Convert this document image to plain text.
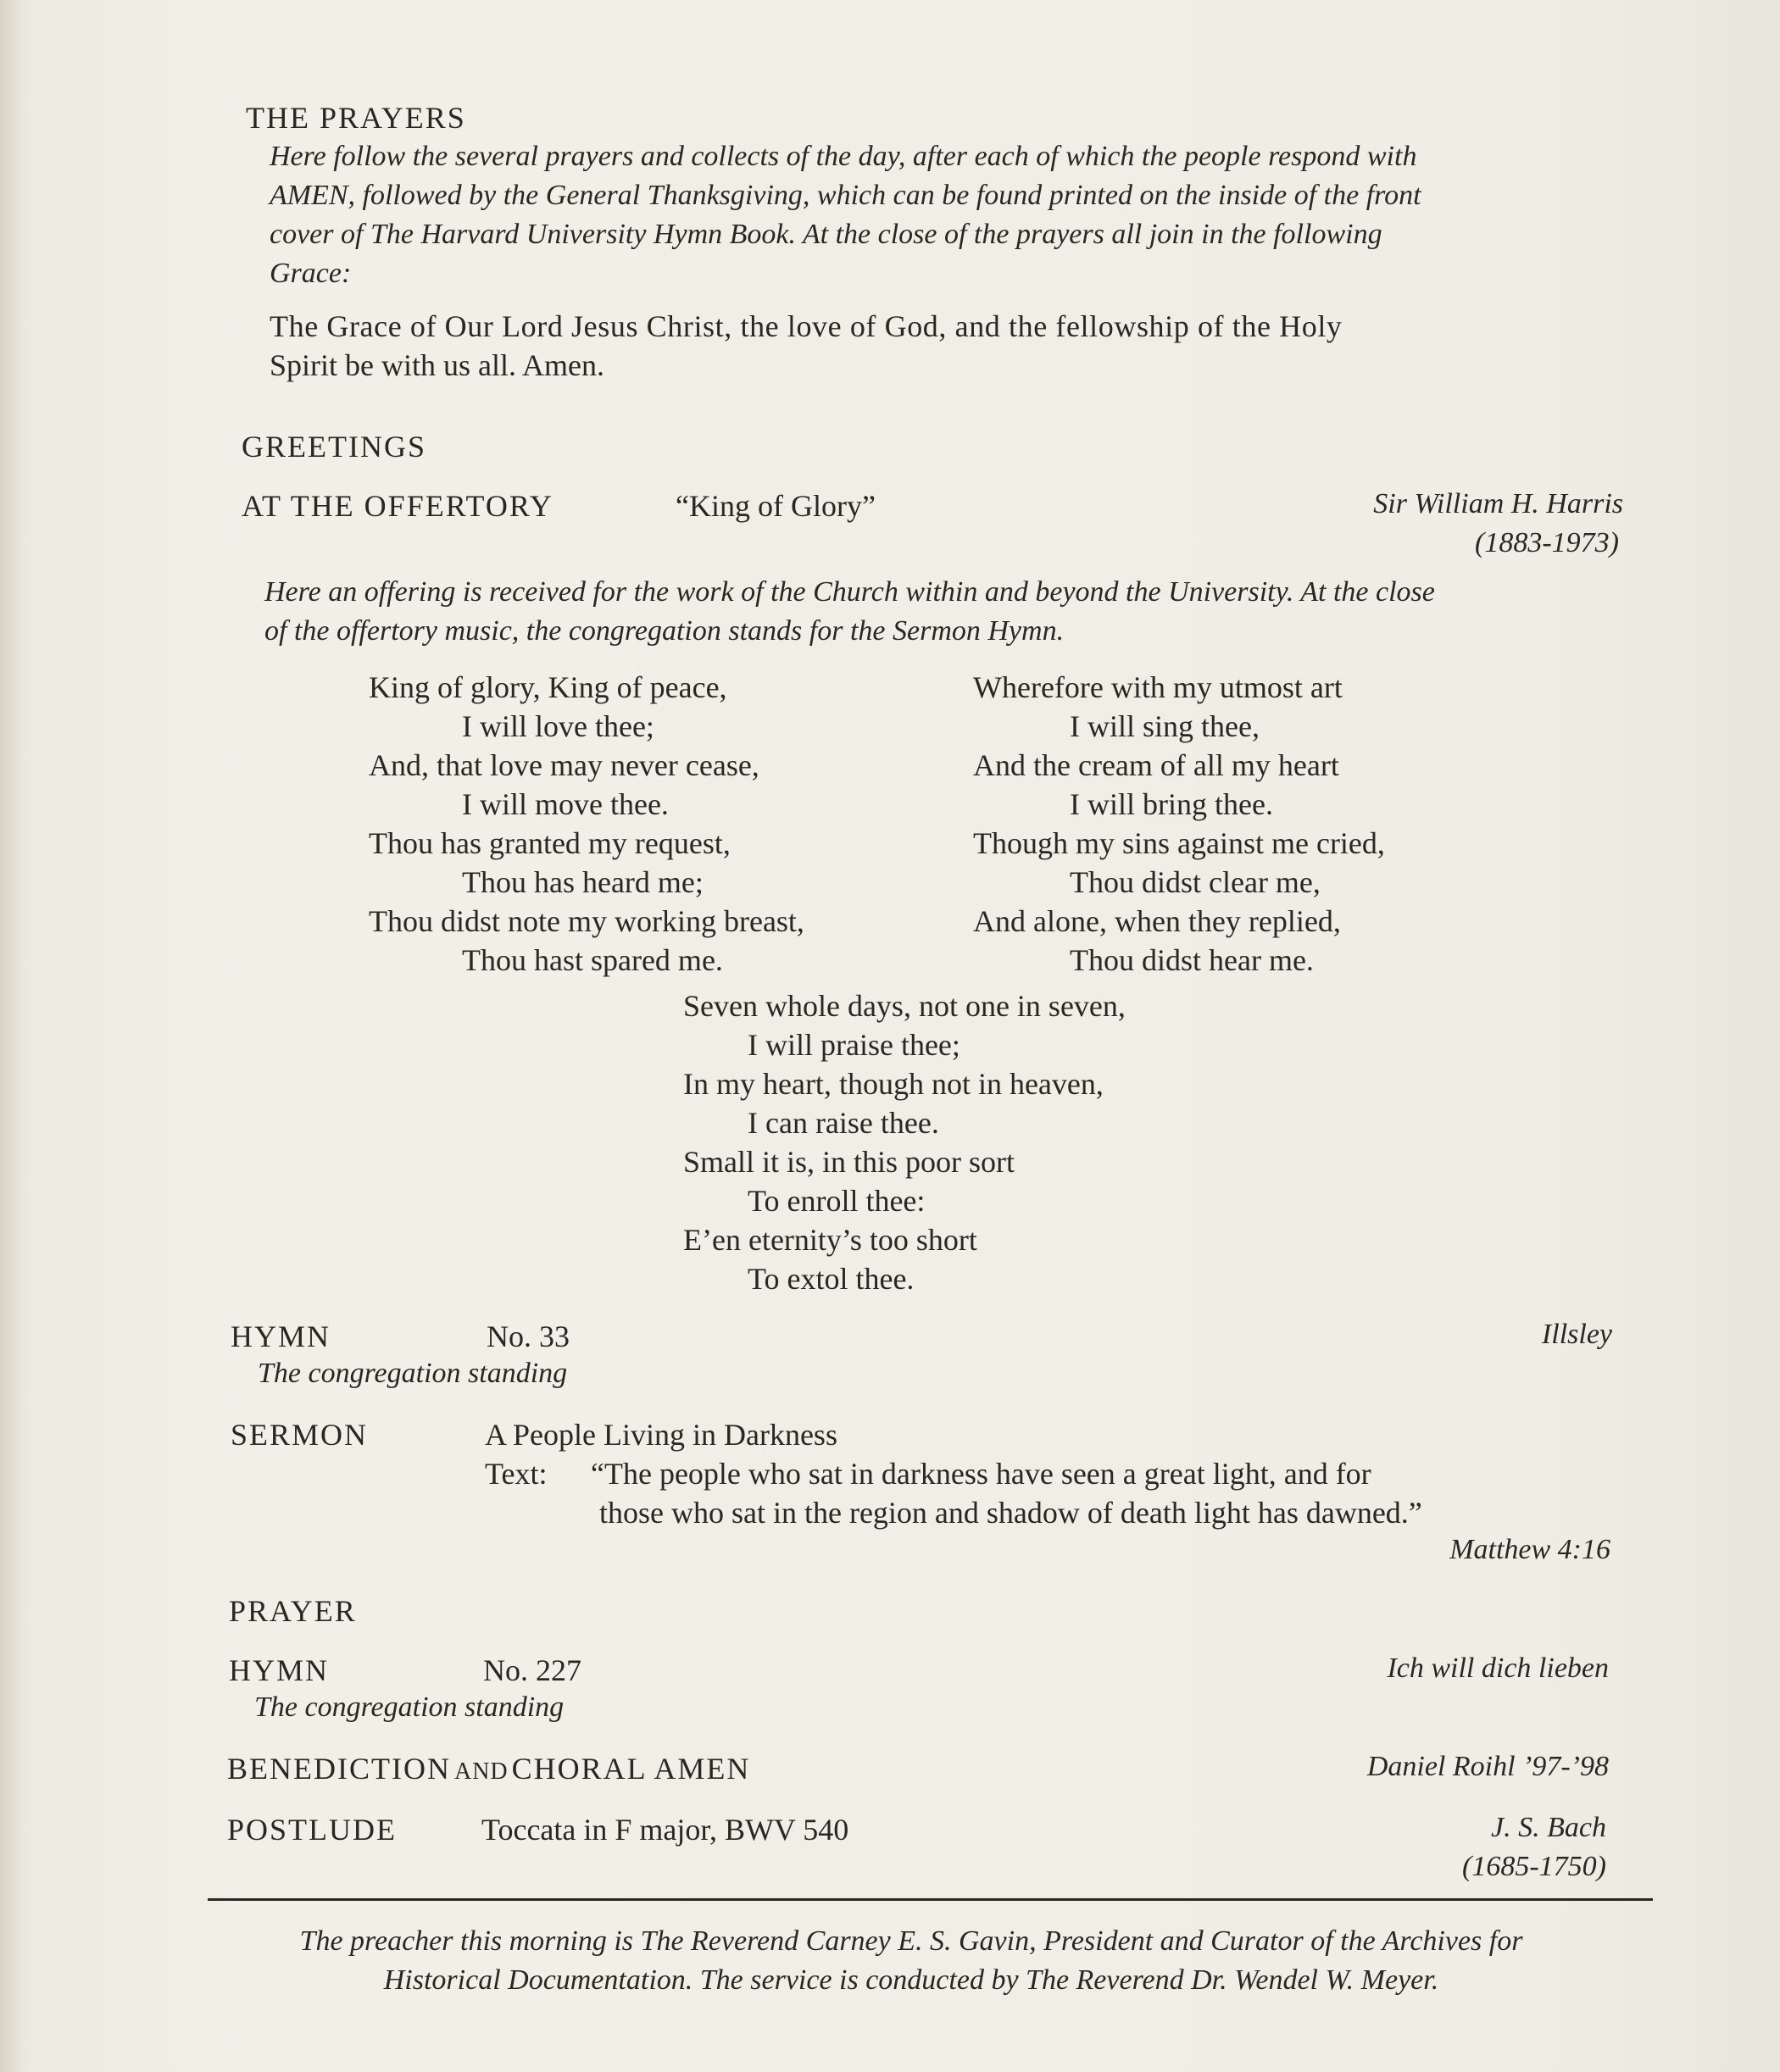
THE PRAYERS
Here follow the several prayers and collects of the day, after each of which the people respond with
AMEN, followed by the General Thanksgiving, which can be found printed on the inside of the front
cover of The Harvard University Hymn Book. At the close of the prayers all join in the following
Grace:
The Grace of Our Lord Jesus Christ, the love of God, and the fellowship of the Holy
Spirit be with us all. Amen.
GREETINGS
AT THE OFFERTORY	“King of Glory”	Sir William H. Harris
(1883-1973)
Here an offering is received for the work of the Church within and beyond the University. At the close
of the offertory music, the congregation stands for the Sermon Hymn.
King of glory, King of peace,
I will love thee;
And, that love may never cease,
I will move thee.
Thou has granted my request,
Thou has heard me;
Thou didst note my working breast,
Thou hast spared me.
Wherefore with my utmost art
I will sing thee,
And the cream of all my heart
I will bring thee.
Though my sins against me cried,
Thou didst clear me,
And alone, when they replied,
Thou didst hear me.
Seven whole days, not one in seven,
I will praise thee;
In my heart, though not in heaven,
I can raise thee.
Small it is, in this poor sort
To enroll thee:
E’en eternity’s too short
To extol thee.
HYMN	No. 33	Illsley
The congregation standing
SERMON	A People Living in Darkness
Text: “The people who sat in darkness have seen a great light, and for
those who sat in the region and shadow of death light has dawned.”
Matthew 4:16
PRAYER
HYMN	No. 227	Ich will dich lieben
The congregation standing
BENEDICTION AND CHORAL AMEN	Daniel Roihl ’97-’98
POSTLUDE	Toccata in F major, BWV 540	J. S. Bach
(1685-1750)
The preacher this morning is The Reverend Carney E. S. Gavin, President and Curator of the Archives for
Historical Documentation. The service is conducted by The Reverend Dr. Wendel W. Meyer.
